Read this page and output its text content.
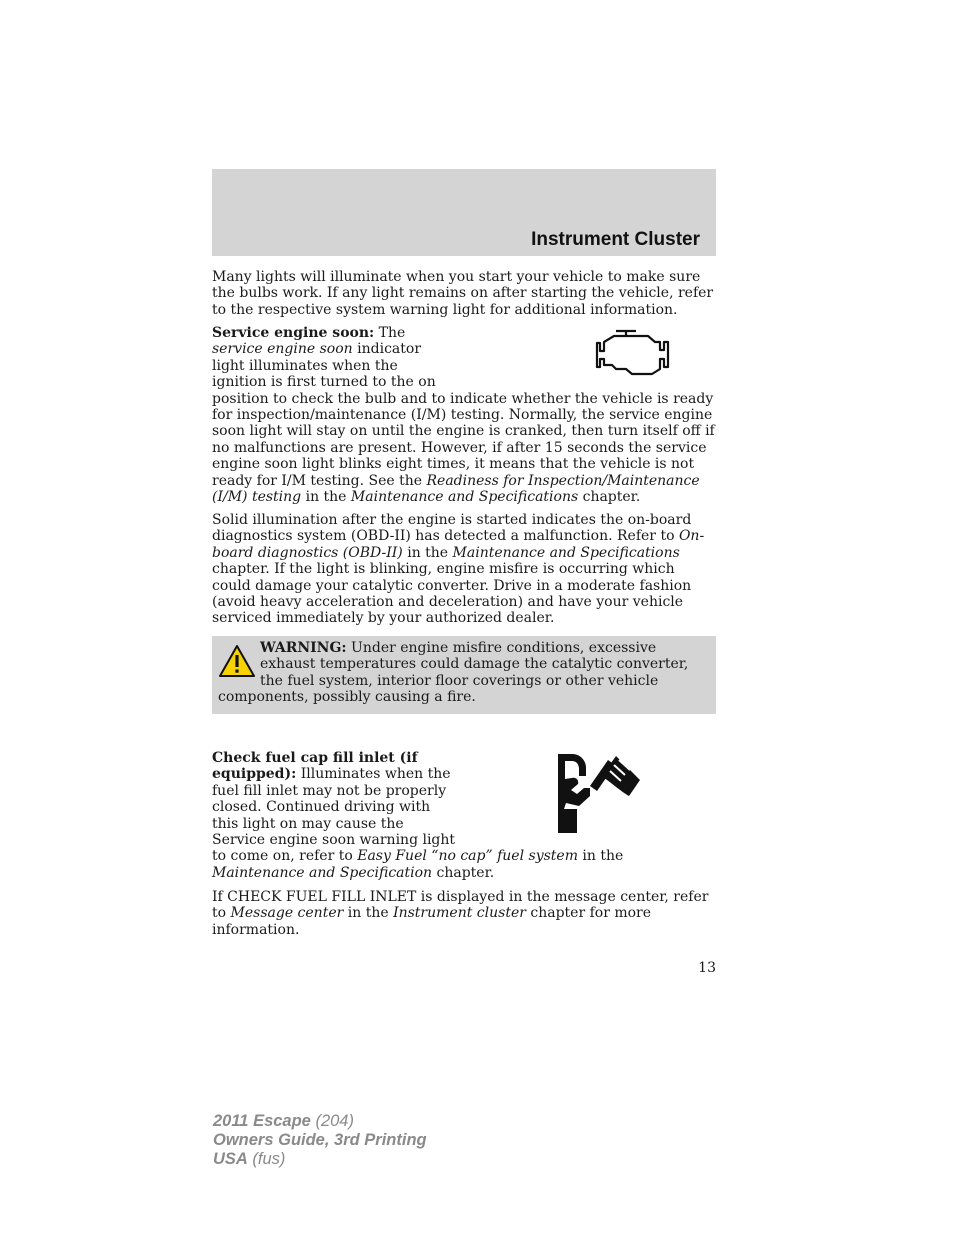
Instrument Cluster

Many lights will illuminate when you start your vehicle to make sure the bulbs work. If any light remains on after starting the vehicle, refer to the respective system warning light for additional information.

Service engine soon: The service engine soon indicator light illuminates when the ignition is first turned to the on position to check the bulb and to indicate whether the vehicle is ready for inspection/maintenance (I/M) testing. Normally, the service engine soon light will stay on until the engine is cranked, then turn itself off if no malfunctions are present. However, if after 15 seconds the service engine soon light blinks eight times, it means that the vehicle is not ready for I/M testing. See the Readiness for Inspection/Maintenance (I/M) testing in the Maintenance and Specifications chapter.

Solid illumination after the engine is started indicates the on-board diagnostics system (OBD-II) has detected a malfunction. Refer to On-board diagnostics (OBD-II) in the Maintenance and Specifications chapter. If the light is blinking, engine misfire is occurring which could damage your catalytic converter. Drive in a moderate fashion (avoid heavy acceleration and deceleration) and have your vehicle serviced immediately by your authorized dealer.

WARNING: Under engine misfire conditions, excessive exhaust temperatures could damage the catalytic converter, the fuel system, interior floor coverings or other vehicle components, possibly causing a fire.

Check fuel cap fill inlet (if equipped): Illuminates when the fuel fill inlet may not be properly closed. Continued driving with this light on may cause the Service engine soon warning light to come on, refer to Easy Fuel “no cap” fuel system in the Maintenance and Specification chapter.

If CHECK FUEL FILL INLET is displayed in the message center, refer to Message center in the Instrument cluster chapter for more information.

13
2011 Escape (204)
Owners Guide, 3rd Printing
USA (fus)
